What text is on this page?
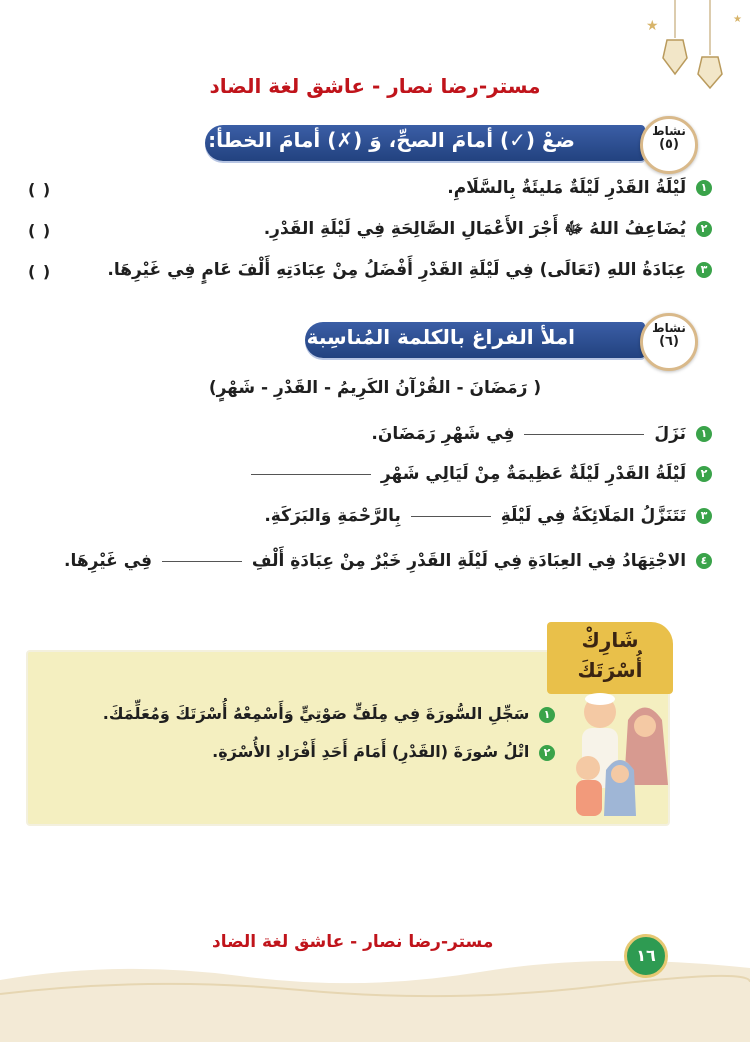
★	★
مستر-رضا نصار - عاشق لغة الضاد
ضعْ (✓) أمامَ الصحِّ، وَ (✗) أمامَ الخطأ:	نشاط
(٥)
١ لَيْلَةُ القَدْرِ لَيْلَةٌ مَليئَةٌ بِالسَّلَامِ.
( )
٢ يُضَاعِفُ اللهُ ﷻ أَجْرَ الأَعْمَالِ الصَّالِحَةِ فِي لَيْلَةِ القَدْرِ.
( )
٣ عِبَادَةُ اللهِ (تَعَالَى) فِي لَيْلَةِ القَدْرِ أَفْضَلُ مِنْ عِبَادَتِهِ أَلْفَ عَامٍ فِي غَيْرِهَا.
( )
املأ الفراغ بالكلمة المُناسِبة:	نشاط
(٦)
( رَمَضَانَ - القُرْآنُ الكَرِيمُ - القَدْرِ - شَهْرٍ)
١ نَزَلَ  فِي شَهْرِ رَمَضَانَ.
٢ لَيْلَةُ القَدْرِ لَيْلَةٌ عَظِيمَةٌ مِنْ لَيَالِي شَهْرِ
٣ تَتَنَزَّلُ المَلَائِكَةُ فِي لَيْلَةِ  بِالرَّحْمَةِ وَالبَرَكَةِ.
٤ الاجْتِهَادُ فِي العِبَادَةِ فِي لَيْلَةِ القَدْرِ خَيْرٌ مِنْ عِبَادَةِ أَلْفِ  فِي غَيْرِهَا.
شَارِكْ
أُسْرَتَكَ
١ سَجِّلِ السُّورَةَ فِي مِلَفٍّ صَوْتِيٍّ وَأَسْمِعْهُ أُسْرَتَكَ وَمُعَلِّمَكَ.
٢ اتْلُ سُورَةَ (القَدْرِ) أَمَامَ أَحَدِ أَفْرَادِ الأُسْرَةِ.
مستر-رضا نصار - عاشق لغة الضاد
١٦
